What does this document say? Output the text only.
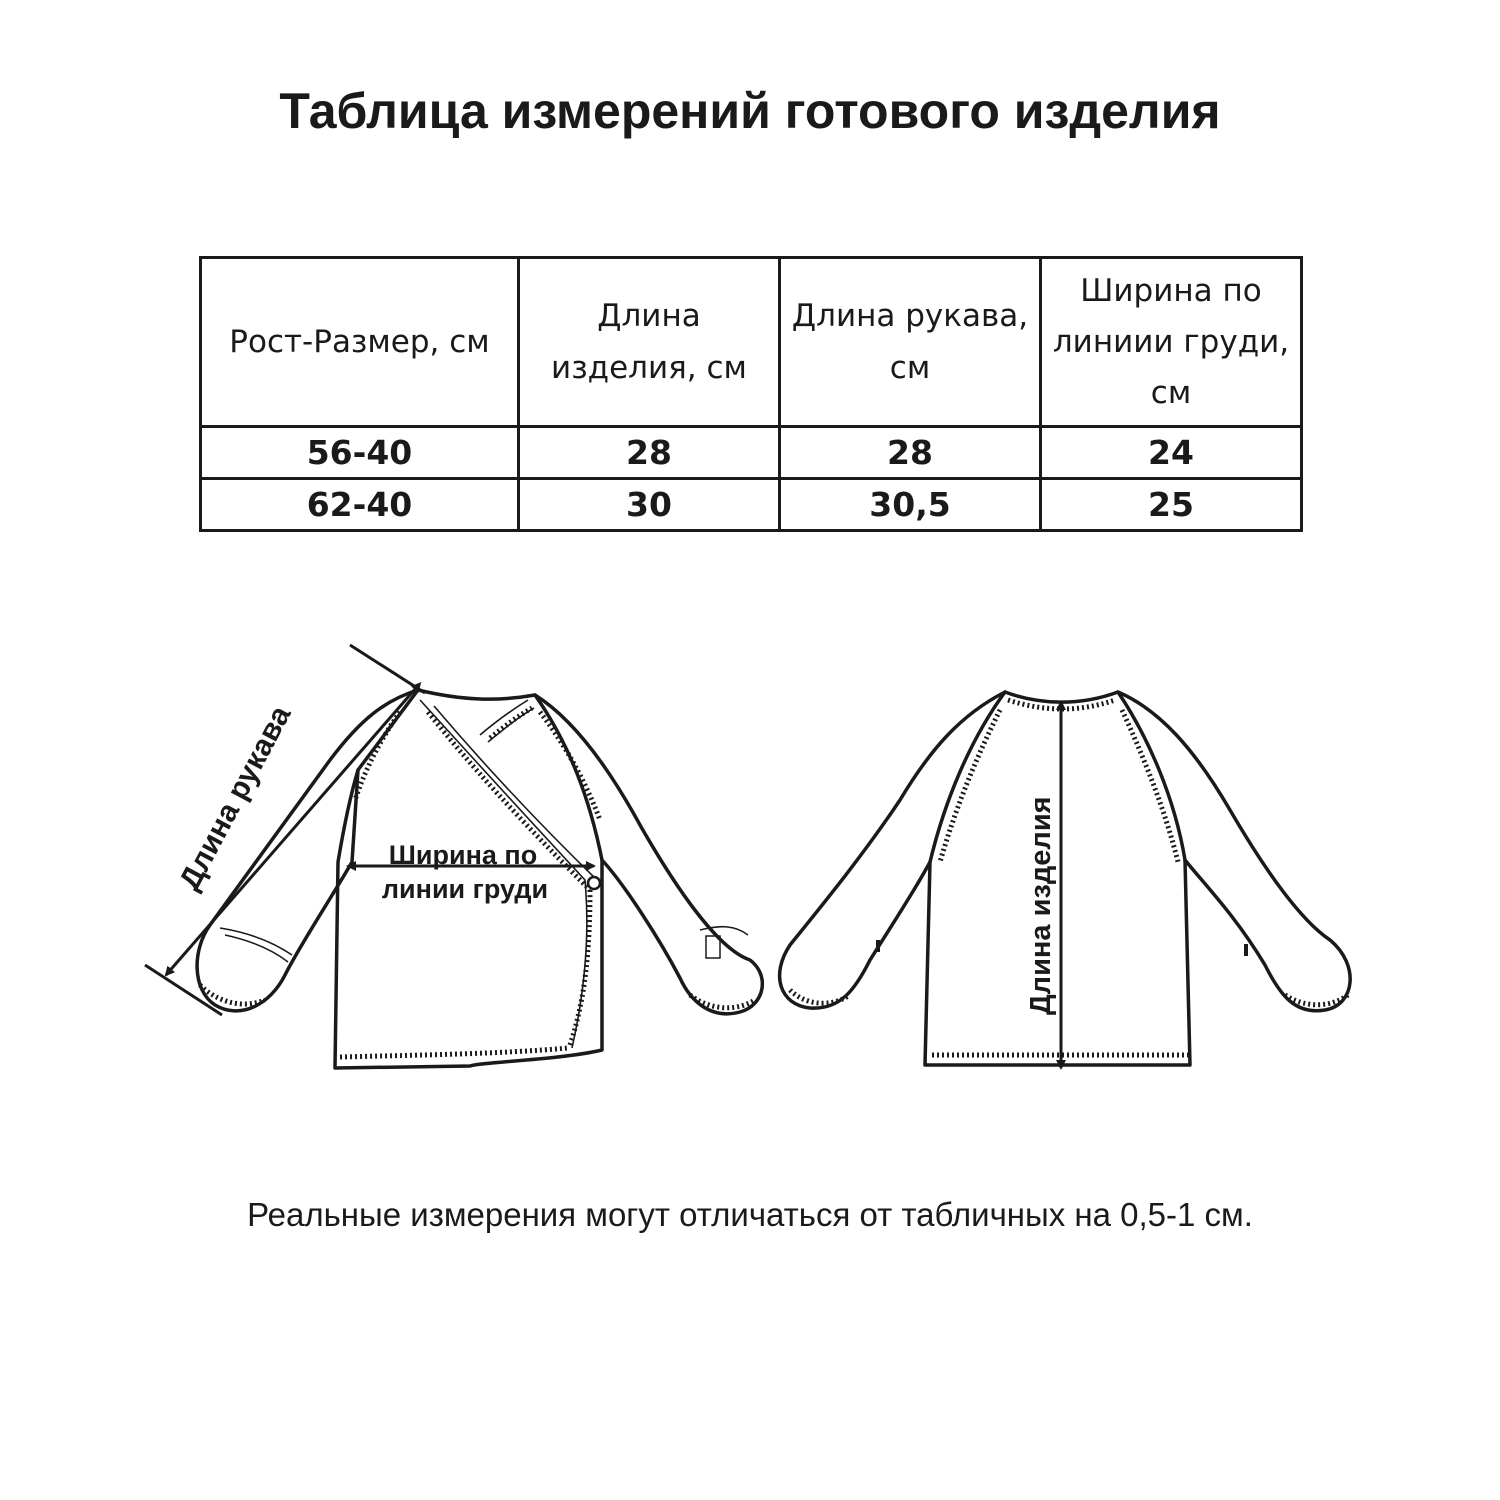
Таблица измерений готового изделия
Рост-Размер, см	Длина изделия, см	Длина рукава, см	Ширина по линиии груди, см
56-40	28	28	24
62-40	30	30,5	25
Длина рукава	Ширина по
линии груди	Длина изделия
Реальные измерения могут отличаться от табличных на 0,5-1 см.
